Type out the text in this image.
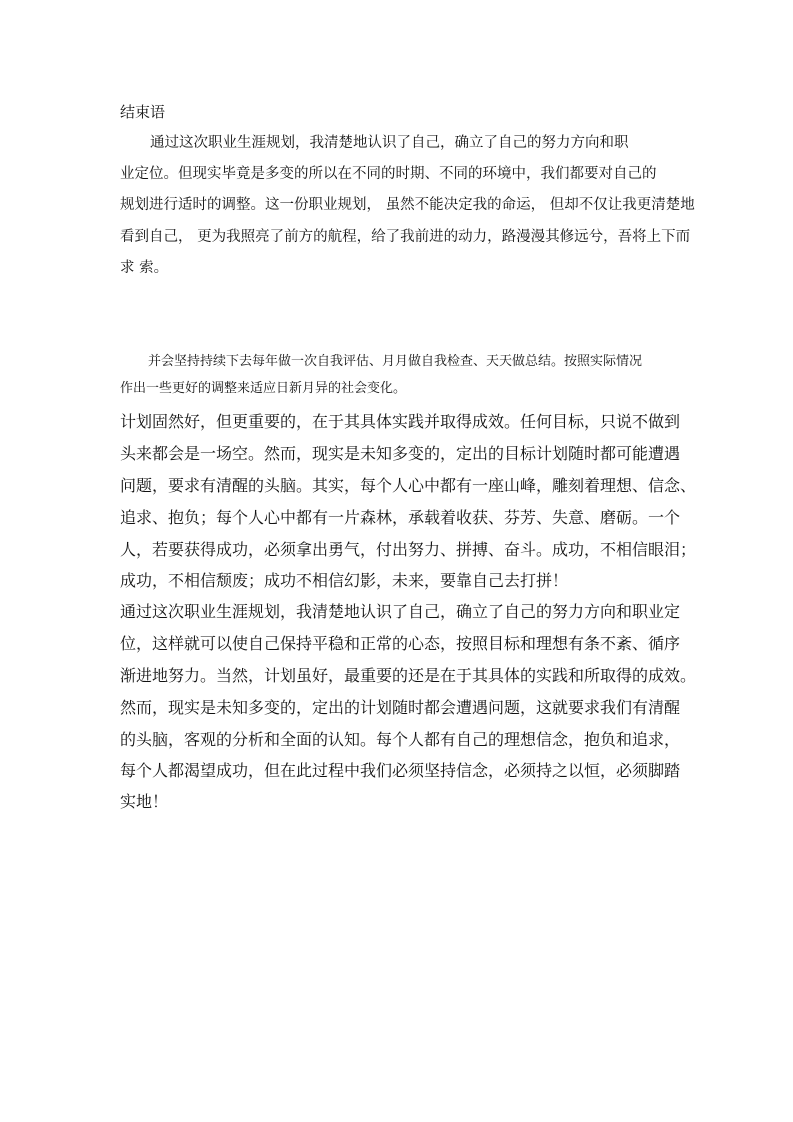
结束语

通过这次职业生涯规划，我清楚地认识了自己，确立了自己的努力方向和职

业定位。但现实毕竟是多变的所以在不同的时期、不同的环境中，我们都要对自己的

规划进行适时的调整。这一份职业规划， 虽然不能决定我的命运， 但却不仅让我更清楚地

看到自己， 更为我照亮了前方的航程，给了我前进的动力，路漫漫其修远兮，吾将上下而

求 索。

并会坚持持续下去每年做一次自我评估、月月做自我检查、天天做总结。按照实际情况

作出一些更好的调整来适应日新月异的社会变化。

计划固然好，但更重要的，在于其具体实践并取得成效。任何目标，只说不做到

头来都会是一场空。然而，现实是未知多变的，定出的目标计划随时都可能遭遇

问题，要求有清醒的头脑。其实，每个人心中都有一座山峰，雕刻着理想、信念、

追求、抱负；每个人心中都有一片森林，承载着收获、芬芳、失意、磨砺。一个

人，若要获得成功，必须拿出勇气，付出努力、拼搏、奋斗。成功，不相信眼泪；

成功，不相信颓废；成功不相信幻影，未来，要靠自己去打拼！

通过这次职业生涯规划，我清楚地认识了自己，确立了自己的努力方向和职业定

位，这样就可以使自己保持平稳和正常的心态，按照目标和理想有条不紊、循序

渐进地努力。当然，计划虽好，最重要的还是在于其具体的实践和所取得的成效。

然而，现实是未知多变的，定出的计划随时都会遭遇问题，这就要求我们有清醒

的头脑，客观的分析和全面的认知。每个人都有自己的理想信念，抱负和追求，

每个人都渴望成功，但在此过程中我们必须坚持信念，必须持之以恒，必须脚踏

实地！
